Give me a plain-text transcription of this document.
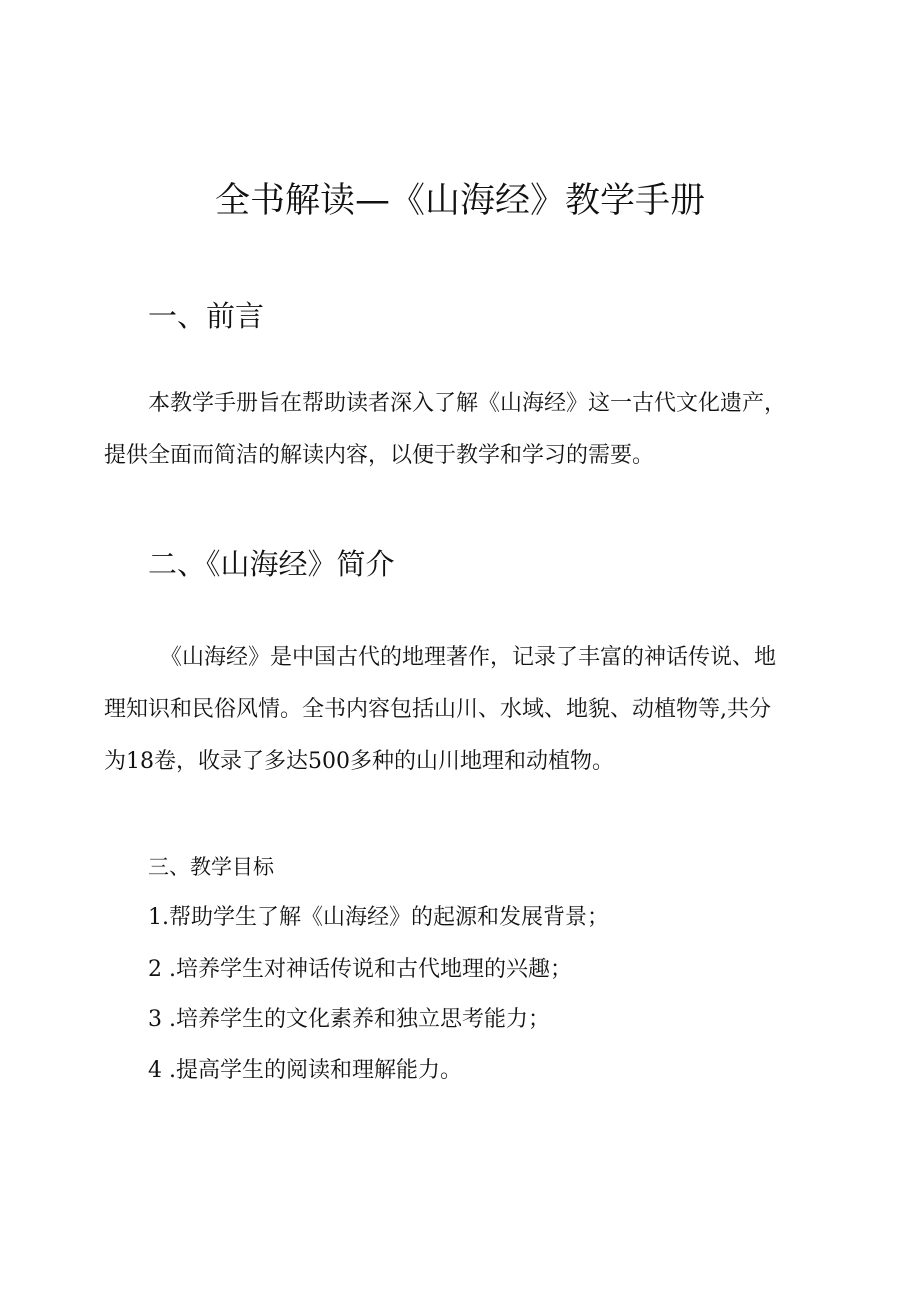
全书解读—《山海经》教学手册
一、前言
本教学手册旨在帮助读者深入了解《山海经》这一古代文化遗产，
提供全面而简洁的解读内容，以便于教学和学习的需要。
二、《山海经》简介
《山海经》是中国古代的地理著作，记录了丰富的神话传说、地
理知识和民俗风情。全书内容包括山川、水域、地貌、动植物等,共分
为18卷，收录了多达500多种的山川地理和动植物。
三、教学目标
1.帮助学生了解《山海经》的起源和发展背景；
2 .培养学生对神话传说和古代地理的兴趣；
3 .培养学生的文化素养和独立思考能力；
4 .提高学生的阅读和理解能力。
